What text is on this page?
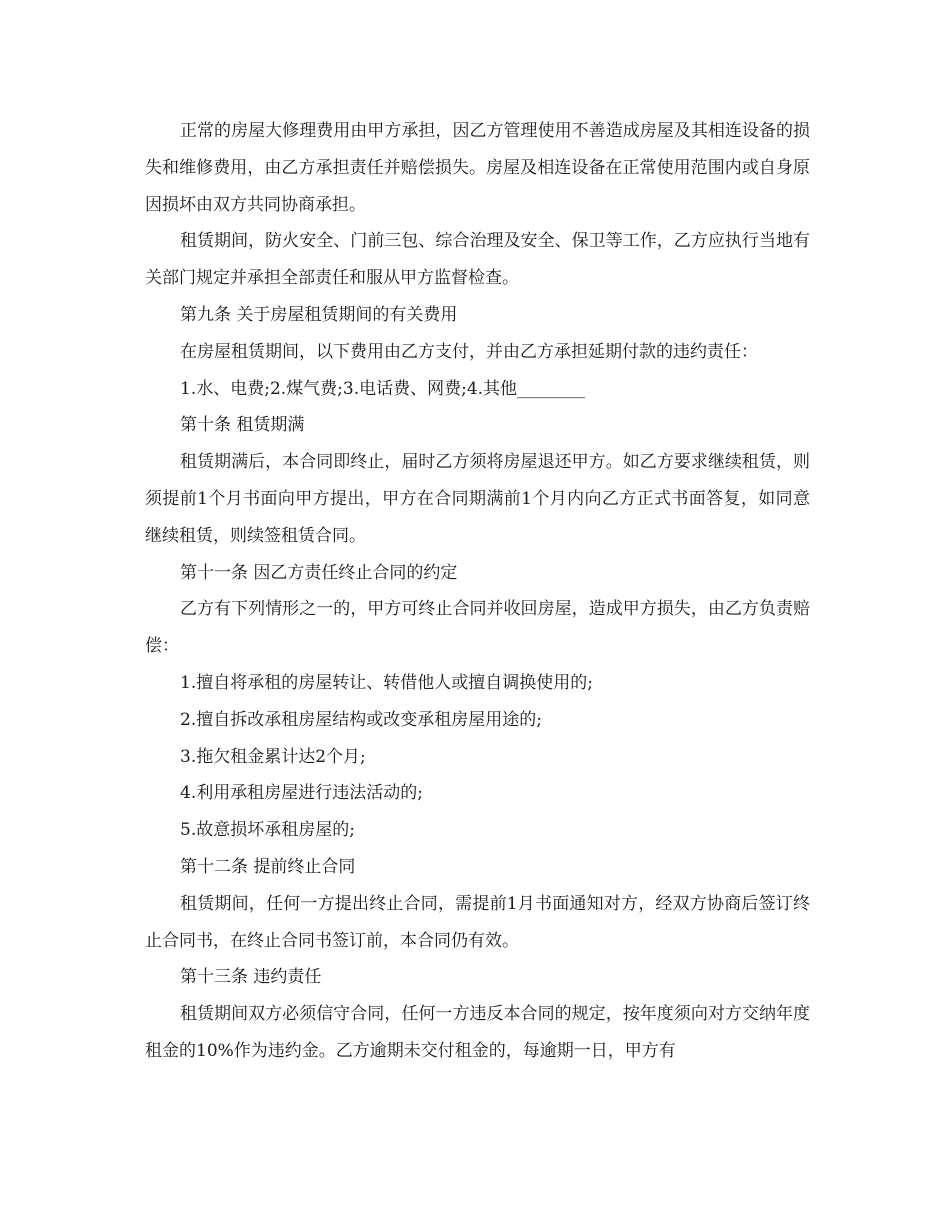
正常的房屋大修理费用由甲方承担，因乙方管理使用不善造成房屋及其相连设备的损失和维修费用，由乙方承担责任并赔偿损失。房屋及相连设备在正常使用范围内或自身原因损坏由双方共同协商承担。

租赁期间，防火安全、门前三包、综合治理及安全、保卫等工作，乙方应执行当地有关部门规定并承担全部责任和服从甲方监督检查。

第九条 关于房屋租赁期间的有关费用

在房屋租赁期间，以下费用由乙方支付，并由乙方承担延期付款的违约责任：

1.水、电费;2.煤气费;3.电话费、网费;4.其他________

第十条 租赁期满

租赁期满后，本合同即终止，届时乙方须将房屋退还甲方。如乙方要求继续租赁，则须提前1个月书面向甲方提出，甲方在合同期满前1个月内向乙方正式书面答复，如同意继续租赁，则续签租赁合同。

第十一条 因乙方责任终止合同的约定

乙方有下列情形之一的，甲方可终止合同并收回房屋，造成甲方损失，由乙方负责赔偿：

1.擅自将承租的房屋转让、转借他人或擅自调换使用的;

2.擅自拆改承租房屋结构或改变承租房屋用途的;

3.拖欠租金累计达2个月;

4.利用承租房屋进行违法活动的;

5.故意损坏承租房屋的;

第十二条 提前终止合同

租赁期间，任何一方提出终止合同，需提前1月书面通知对方，经双方协商后签订终止合同书，在终止合同书签订前，本合同仍有效。

第十三条 违约责任

租赁期间双方必须信守合同，任何一方违反本合同的规定，按年度须向对方交纳年度租金的10%作为违约金。乙方逾期未交付租金的，每逾期一日，甲方有
